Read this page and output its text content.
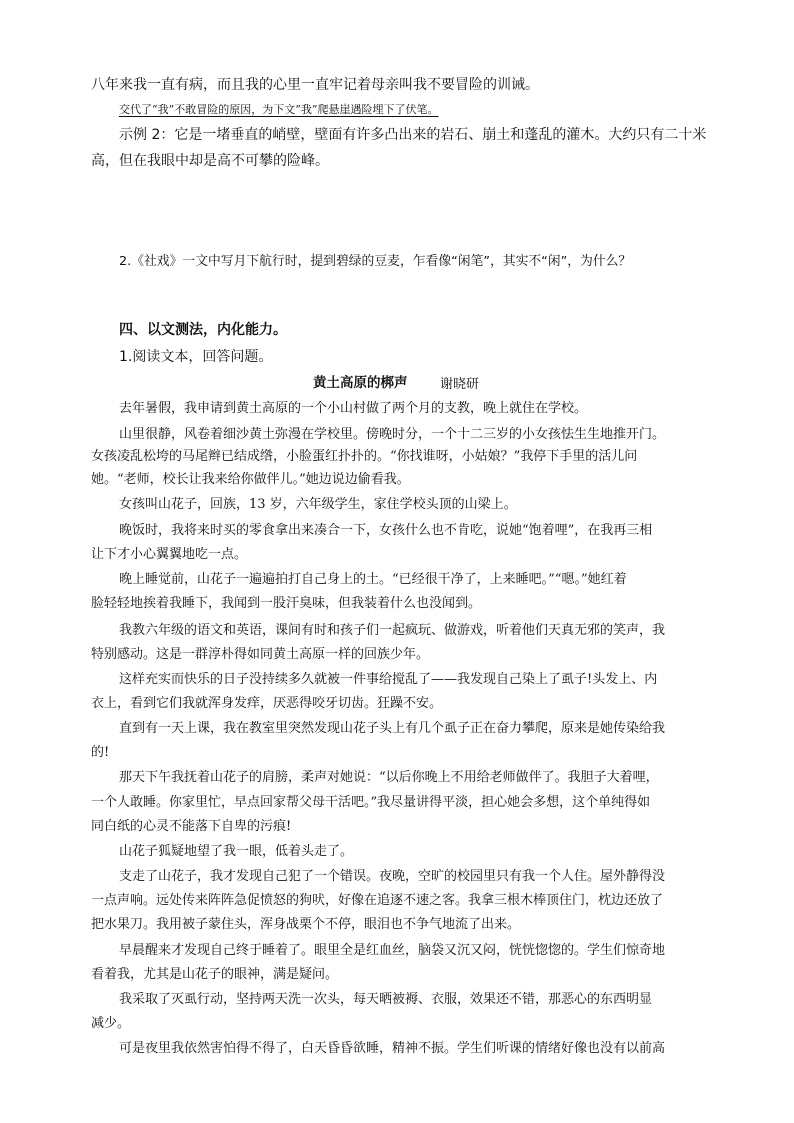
八年来我一直有病，而且我的心里一直牢记着母亲叫我不要冒险的训诫。
交代了“我”不敢冒险的原因，为下文“我”爬悬崖遇险埋下了伏笔。
示例 2：它是一堵垂直的峭壁，壁面有许多凸出来的岩石、崩土和蓬乱的灌木。大约只有二十米
高，但在我眼中却是高不可攀的险峰。
2.《社戏》一文中写月下航行时，提到碧绿的豆麦，乍看像“闲笔”，其实不“闲”，为什么？
四、以文测法，内化能力。
1.阅读文本，回答问题。
黄土高原的梆声	谢晓研
去年暑假，我申请到黄土高原的一个小山村做了两个月的支教，晚上就住在学校。
山里很静，风卷着细沙黄土弥漫在学校里。傍晚时分，一个十二三岁的小女孩怯生生地推开门。
女孩凌乱松垮的马尾辫已结成绺，小脸蛋红扑扑的。“你找谁呀，小姑娘？”我停下手里的活儿问
她。“老师，校长让我来给你做伴儿。”她边说边偷看我。
女孩叫山花子，回族，13 岁，六年级学生，家住学校头顶的山梁上。
晚饭时，我将来时买的零食拿出来凑合一下，女孩什么也不肯吃，说她“饱着哩”，在我再三相
让下才小心翼翼地吃一点。
晚上睡觉前，山花子一遍遍拍打自己身上的土。“已经很干净了，上来睡吧。”“嗯。”她红着
脸轻轻地挨着我睡下，我闻到一股汗臭味，但我装着什么也没闻到。
我教六年级的语文和英语，课间有时和孩子们一起疯玩、做游戏，听着他们天真无邪的笑声，我
特别感动。这是一群淳朴得如同黄土高原一样的回族少年。
这样充实而快乐的日子没持续多久就被一件事给搅乱了——我发现自己染上了虱子!头发上、内
衣上，看到它们我就浑身发痒，厌恶得咬牙切齿。狂躁不安。
直到有一天上课，我在教室里突然发现山花子头上有几个虱子正在奋力攀爬，原来是她传染给我
的!
那天下午我抚着山花子的肩膀，柔声对她说：“以后你晚上不用给老师做伴了。我胆子大着哩，
一个人敢睡。你家里忙，早点回家帮父母干活吧。”我尽量讲得平淡，担心她会多想，这个单纯得如
同白纸的心灵不能落下自卑的污痕!
山花子狐疑地望了我一眼，低着头走了。
支走了山花子，我才发现自己犯了一个错误。夜晚，空旷的校园里只有我一个人住。屋外静得没
一点声响。远处传来阵阵急促愤怒的狗吠，好像在追逐不速之客。我拿三根木棒顶住门，枕边还放了
把水果刀。我用被子蒙住头，浑身战栗个不停，眼泪也不争气地流了出来。
早晨醒来才发现自己终于睡着了。眼里全是红血丝，脑袋又沉又闷，恍恍惚惚的。学生们惊奇地
看着我，尤其是山花子的眼神，满是疑问。
我采取了灭虱行动，坚持两天洗一次头，每天晒被褥、衣服，效果还不错，那恶心的东西明显
减少。
可是夜里我依然害怕得不得了，白天昏昏欲睡，精神不振。学生们听课的情绪好像也没有以前高
